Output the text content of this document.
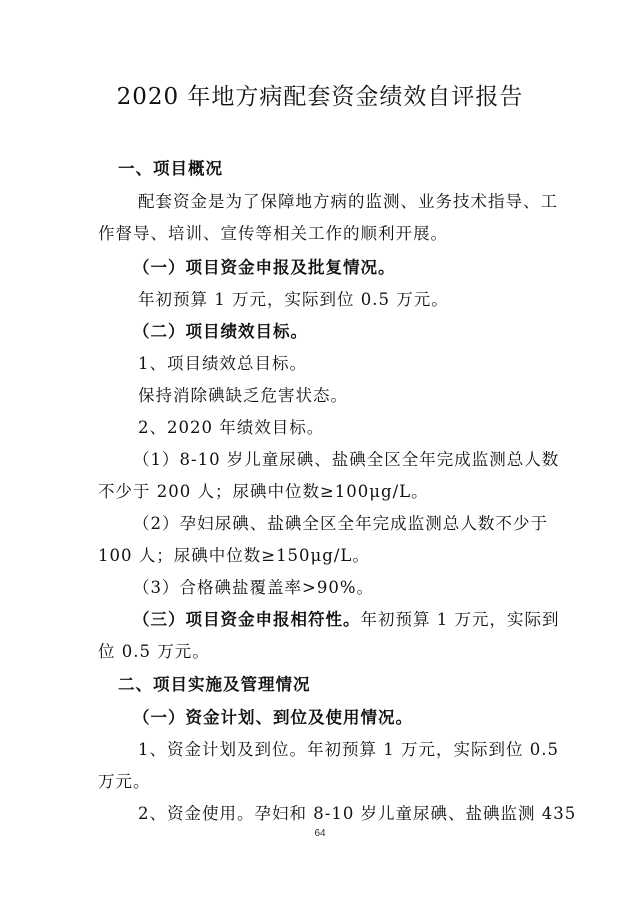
2020 年地方病配套资金绩效自评报告
一、项目概况
配套资金是为了保障地方病的监测、业务技术指导、工
作督导、培训、宣传等相关工作的顺利开展。
（一）项目资金申报及批复情况。
年初预算 1 万元，实际到位 0.5 万元。
（二）项目绩效目标。
1、项目绩效总目标。
保持消除碘缺乏危害状态。
2、2020 年绩效目标。
（1）8-10 岁儿童尿碘、盐碘全区全年完成监测总人数
不少于 200 人；尿碘中位数≥100μg/L。
（2）孕妇尿碘、盐碘全区全年完成监测总人数不少于
100 人；尿碘中位数≥150μg/L。
（3）合格碘盐覆盖率>90%。
（三）项目资金申报相符性。年初预算 1 万元，实际到
位 0.5 万元。
二、项目实施及管理情况
（一）资金计划、到位及使用情况。
1、资金计划及到位。年初预算 1 万元，实际到位 0.5
万元。
2、资金使用。孕妇和 8-10 岁儿童尿碘、盐碘监测 435
64
